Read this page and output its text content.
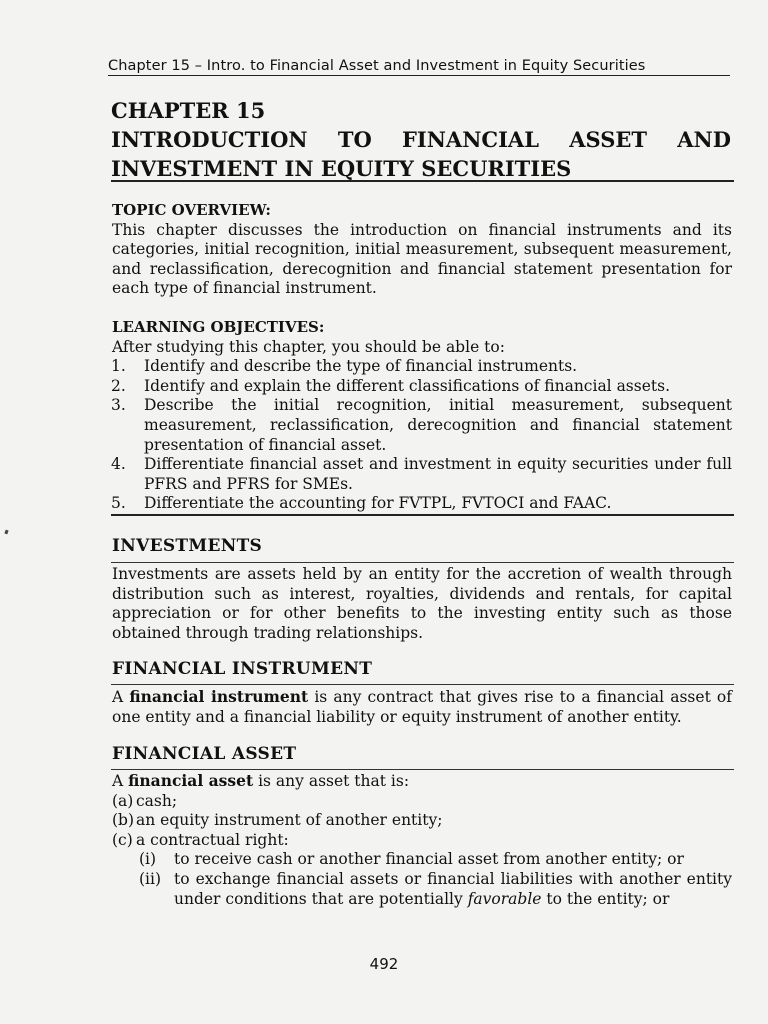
Chapter 15 – Intro. to Financial Asset and Investment in Equity Securities
CHAPTER 15
INTRODUCTION TO FINANCIAL ASSET AND
INVESTMENT IN EQUITY SECURITIES

TOPIC OVERVIEW:

This chapter discusses the introduction on financial instruments and its categories, initial recognition, initial measurement, subsequent measurement, and reclassification, derecognition and financial statement presentation for each type of financial instrument.

LEARNING OBJECTIVES:

After studying this chapter, you should be able to:

1. Identify and describe the type of financial instruments.
2. Identify and explain the different classifications of financial assets.
3. Describe the initial recognition, initial measurement, subsequent measurement, reclassification, derecognition and financial statement presentation of financial asset.
4. Differentiate financial asset and investment in equity securities under full PFRS and PFRS for SMEs.
5. Differentiate the accounting for FVTPL, FVTOCI and FAAC.

INVESTMENTS

Investments are assets held by an entity for the accretion of wealth through distribution such as interest, royalties, dividends and rentals, for capital appreciation or for other benefits to the investing entity such as those obtained through trading relationships.

FINANCIAL INSTRUMENT

A financial instrument is any contract that gives rise to a financial asset of one entity and a financial liability or equity instrument of another entity.

FINANCIAL ASSET

A financial asset is any asset that is:

(a) cash;
(b) an equity instrument of another entity;
(c) a contractual right:
(i) to receive cash or another financial asset from another entity; or
(ii) to exchange financial assets or financial liabilities with another entity under conditions that are potentially favorable to the entity; or
492
